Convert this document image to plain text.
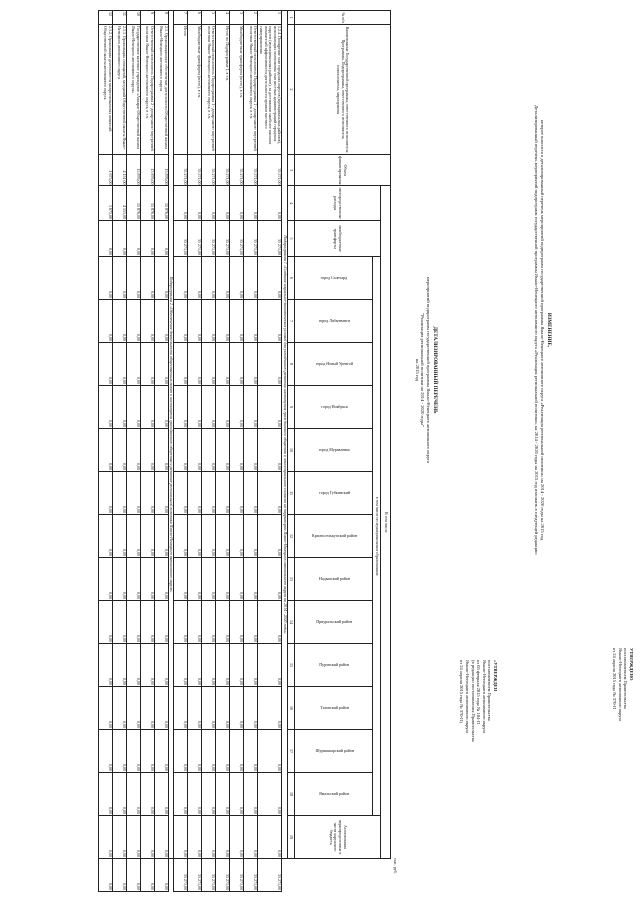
УТВЕРЖДЕНО
постановлением Правительства
Ямало-Ненецкого автономного округа
от 24 апреля 2015 года № 370-П
«УТВЕРЖДЕН
постановлением Правительства
Ямало-Ненецкого автономного округа
от 05 февраля 2015 года № 104-П
(в редакции постановления Правительства
Ямало-Ненецкого автономного округа
от 24 апреля 2015 года № 370-П)
ИЗМЕНЕНИЕ,
которое вносится в детализированный перечень мероприятий подпрограмм государственной программы Ямало-Ненецкого автономного округа «Реализация региональной политики» на 2014 - 2020 годы на 2015 год
Детализированный перечень мероприятий подпрограмм государственной программы Ямало-Ненецкого автономного округа «Реализация региональной политики» на 2014 - 2020 годы на 2015 год изложить в следующей редакции:
ДЕТАЛИЗИРОВАННЫЙ ПЕРЕЧЕНЬ
мероприятий подпрограмм государственной программы Ямало-Ненецкого автономного округа
"Реализация региональной политики на 2014 - 2020 годы"
на 2015 год
тыс. руб.
№ п/п	Наименование Государственной программы, ответственного исполнителя Программы, Подпрограммы, ответственного исполнителя, соисполнителя, мероприятия	Объем финансирования	В том числе																
			непосредственные расходы	межбюджетные трансферты	в том числе по муниципальным образованиям													Ассигнования нераспределенные в части окружного бюджета	
					город Салехард	город Лабытнанги	город Новый Уренгой	город Ноябрьск	город Муравленко	город Губкинский	Красноселькупский район	Надымский район	Приуральский район	Пуровский район	Тазовский район	Шурышкарский район	Ямальский район		
1	2	3	4	5	6	7	8	9	10	11	12	13	14	15	16	17	18	19	
Подпрограмма 1 «Создание социально-экономических условий для устойчивого развития институтов гражданского общества и этносоциального согласия на территории Ямало-Ненецкого автономного округа на 2014 - 2020 годы»																			
1	1.2.4. Поощрение глав городских округов (муниципальных районов), исполняющих полномочия глав местных администраций городских округов (муниципальных районов), за достижение наиболее высоких показателей эффективности деятельности органов местного самоуправления	35 271,00	0,00	35 271,00	0,00	0,00	0,00	0,00	0,00	0,00	0,00	0,00	0,00	0,00	0,00	0,00	0,00	0,00	35 271,00
2	Ответственный исполнитель Подпрограммы 1 - департамент внутренней политики Ямало-Ненецкого автономного округа, в т.ч.	35 271,00	0,00	35 271,00	0,00	0,00	0,00	0,00	0,00	0,00	0,00	0,00	0,00	0,00	0,00	0,00	0,00	0,00	35 271,00
3	Межбюджетные трансферты (всего), в т.ч.	35 271,00	0,00	35 271,00	0,00	0,00	0,00	0,00	0,00	0,00	0,00	0,00	0,00	0,00	0,00	0,00	0,00	0,00	35 271,00
4	Итого по Подпрограмме 1, в т.ч.	35 271,00	0,00	35 271,00	0,00	0,00	0,00	0,00	0,00	0,00	0,00	0,00	0,00	0,00	0,00	0,00	0,00	0,00	35 271,00
5	Ответственный исполнитель Подпрограммы 1 - департамент внутренней политики Ямало-Ненецкого автономного округа, в т.ч.	35 271,00	0,00	35 271,00	0,00	0,00	0,00	0,00	0,00	0,00	0,00	0,00	0,00	0,00	0,00	0,00	0,00	0,00	35 271,00
6	Межбюджетные трансферты (всего), в т.ч.	35 271,00	0,00	35 271,00	0,00	0,00	0,00	0,00	0,00	0,00	0,00	0,00	0,00	0,00	0,00	0,00	0,00	0,00	35 271,00
7	Итого	35 271,00	0,00	35 271,00	0,00	0,00	0,00	0,00	0,00	0,00	0,00	0,00	0,00	0,00	0,00	0,00	0,00	0,00	35 271,00
Подпрограмма 2 «Обеспечение деятельности общественных палат и институтов гражданского общества и развитие региональной политики Ямало-Ненецкого автономного округа»																			
8	2.1. Организационное обеспечение деятельности Общественной палаты Ямало-Ненецкого автономного округа	15 876,00	15 876,00	0,00	0,00	0,00	0,00	0,00	0,00	0,00	0,00	0,00	0,00	0,00	0,00	0,00	0,00	0,00	0,00
9	Ответственный исполнитель Подпрограммы 2 - департамент внутренней политики Ямало-Ненецкого автономного округа, в т.ч.	15 876,00	15 876,00	0,00	0,00	0,00	0,00	0,00	0,00	0,00	0,00	0,00	0,00	0,00	0,00	0,00	0,00	0,00	0,00
10	Государственное казенное учреждение «Аппарат Общественной палаты Ямало-Ненецкого автономного округа»	15 876,00	15 876,00	0,00	0,00	0,00	0,00	0,00	0,00	0,00	0,00	0,00	0,00	0,00	0,00	0,00	0,00	0,00	0,00
11	2.1.1. Организация совещаний, заседаний Общественной палаты Ямало-Ненецкого автономного округа	4 151,00	4 151,00	0,00	0,00	0,00	0,00	0,00	0,00	0,00	0,00	0,00	0,00	0,00	0,00	0,00	0,00	0,00	0,00
12	2.1.2. Организация деятельности межрегиональных комиссий Общественной палаты автономного округа	1 675,00	1 675,00	0,00	0,00	0,00	0,00	0,00	0,00	0,00	0,00	0,00	0,00	0,00	0,00	0,00	0,00	0,00	0,00
